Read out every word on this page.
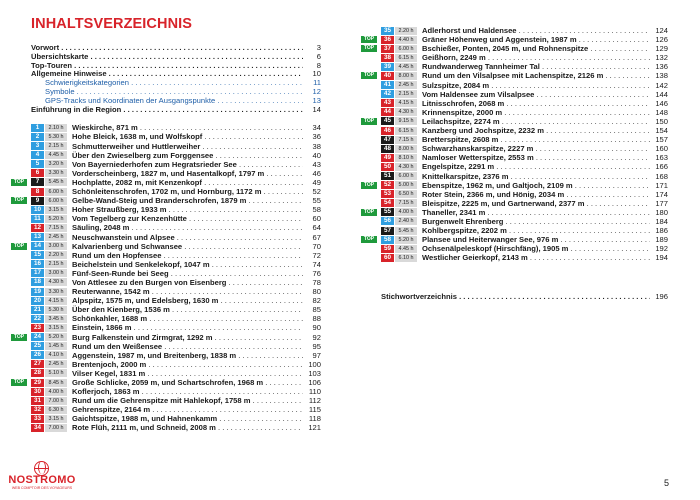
INHALTSVERZEICHNIS
Vorwort . . .	3
Übersichtskarte . . .	6
Top-Touren . . .	8
Allgemeine Hinweise . . .	10
Schwierigkeitskategorien . . .	11
Symbole . . .	12
GPS-Tracks und Koordinaten der Ausgangspunkte . . .	13
Einführung in die Region . . .	14
1	2.10 h	Wieskirche, 871 m . . .	34
2	5.30 h	Hohe Bleick, 1638 m, und Wolfskopf . . .	36
3	2.15 h	Schmutterweiher und Huttlerweiher . . .	38
4	4.45 h	Über den Zwieselberg zum Forggensee . . .	40
5	3.20 h	Von Bayerniederhofen zum Hegratsrieder See . . .	43
6	3.30 h	Vorderscheinberg, 1827 m, und Hasentalkopf, 1797 m . . .	46
TOP	7	5.45 h	Hochplatte, 2082 m, mit Kenzenkopf . . .	49
8	6.00 h	Schönleitenschrofen, 1702 m, und Hornburg, 1172 m . . .	52
TOP	9	6.00 h	Gelbe-Wand-Steig und Branderschrofen, 1879 m . . .	55
10	3.15 h	Hoher Straußberg, 1933 m . . .	58
11	5.20 h	Vom Tegelberg zur Kenzenhütte . . .	60
12	7.15 h	Säuling, 2048 m . . .	64
13	2.45 h	Neuschwanstein und Alpsee . . .	67
TOP	14	3.00 h	Kalvarienberg und Schwansee . . .	70
15	2.20 h	Rund um den Hopfensee . . .	72
16	2.15 h	Beichelstein und Senkelekopf, 1047 m . . .	74
17	3.00 h	Fünf-Seen-Runde bei Seeg . . .	76
18	4.30 h	Von Attlesee zu den Burgen von Eisenberg . . .	78
19	3.30 h	Reuterwanne, 1542 m . . .	80
20	4.15 h	Alpspitz, 1575 m, und Edelsberg, 1630 m . . .	82
21	5.30 h	Über den Kienberg, 1536 m . . .	85
22	3.45 h	Schönkahler, 1688 m . . .	88
23	3.15 h	Einstein, 1866 m . . .	90
TOP	24	5.20 h	Burg Falkenstein und Zirmgrat, 1292 m . . .	92
25	1.45 h	Rund um den Weißensee . . .	95
26	4.10 h	Aggenstein, 1987 m, und Breitenberg, 1838 m . . .	97
27	2.45 h	Brentenjoch, 2000 m . . .	100
28	5.10 h	Vilser Kegel, 1831 m . . .	103
TOP	29	8.45 h	Große Schlicke, 2059 m, und Schartschrofen, 1968 m . . .	106
30	4.00 h	Koflerjoch, 1863 m . . .	110
31	7.00 h	Rund um die Gehrenspitze mit Hahlekopf, 1758 m . . .	112
32	6.30 h	Gehrenspitze, 2164 m . . .	115
33	3.15 h	Gaichtspitze, 1988 m, und Hahnenkamm . . .	118
34	7.00 h	Rote Flüh, 2111 m, und Schneid, 2008 m . . .	121
35	2.20 h	Adlerhorst und Haldensee . . .	124
TOP	36	4.40 h	Gräner Höhenweg und Aggenstein, 1987 m . . .	126
TOP	37	6.00 h	Bschießer, Ponten, 2045 m, und Rohnenspitze . . .	129
38	6.15 h	Geißhorn, 2249 m . . .	132
39	4.45 h	Rundwanderweg Tannheimer Tal . . .	136
TOP	40	8.00 h	Rund um den Vilsalpsee mit Lachenspitze, 2126 m . . .	138
41	2.45 h	Sulzspitze, 2084 m . . .	142
42	2.15 h	Vom Haldensee zum Vilsalpsee . . .	144
43	4.15 h	Litnisschrofen, 2068 m . . .	146
44	4.30 h	Krinnenspitze, 2000 m . . .	148
TOP	45	9.15 h	Leilachspitze, 2274 m . . .	150
46	6.15 h	Kanzberg und Jochspitze, 2232 m . . .	154
47	7.15 h	Bretterspitze, 2608 m . . .	157
48	8.00 h	Schwarzhanskarspitze, 2227 m . . .	160
49	8.10 h	Namloser Wetterspitze, 2553 m . . .	163
50	4.30 h	Engelspitze, 2291 m . . .	166
51	6.00 h	Knittelkarspitze, 2376 m . . .	168
TOP	52	5.00 h	Ebenspitze, 1962 m, und Galtjoch, 2109 m . . .	171
53	6.50 h	Roter Stein, 2366 m, und Hönig, 2034 m . . .	174
54	7.15 h	Bleispitze, 2225 m, und Gartnerwand, 2377 m . . .	177
TOP	55	4.00 h	Thaneller, 2341 m . . .	180
56	2.40 h	Burgenwelt Ehrenberg . . .	184
57	5.45 h	Kohlbergspitze, 2202 m . . .	186
TOP	58	5.20 h	Plansee und Heiterwanger See, 976 m . . .	189
59	4.45 h	Ochsenälpeleskopf (Hirschfäng), 1905 m . . .	192
60	6.10 h	Westlicher Geierkopf, 2143 m . . .	194
Stichwortverzeichnis . . .	196
5
NOSTROMO
WEB COMPTOIR DES VOYAGEURS
